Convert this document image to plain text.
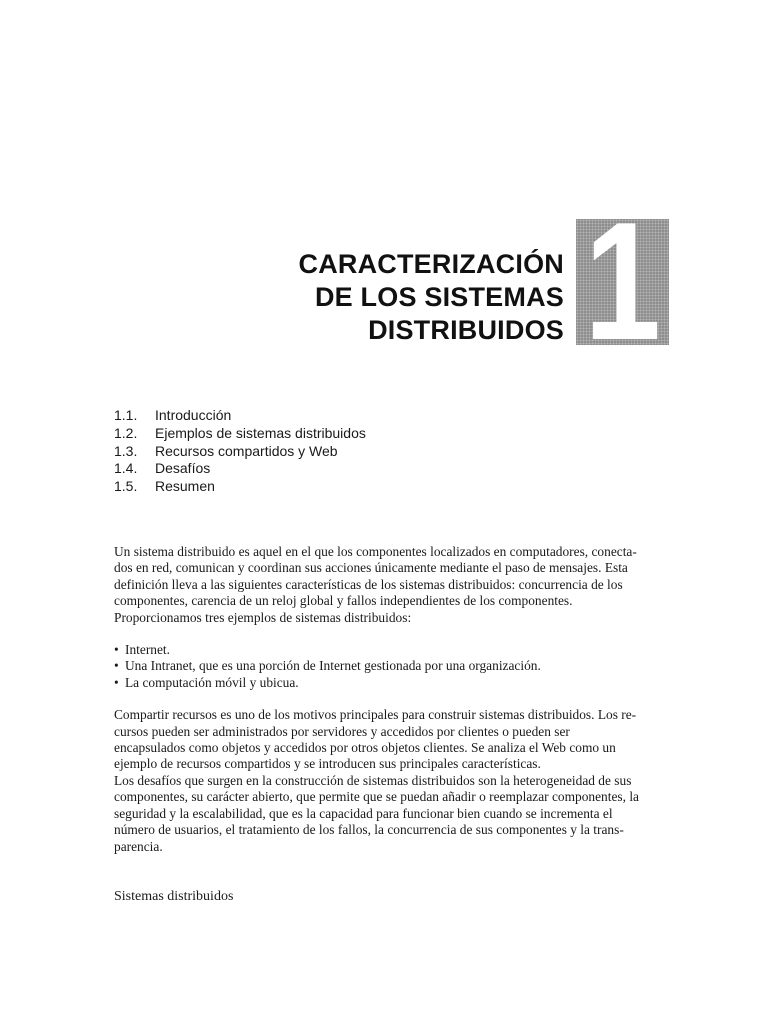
CARACTERIZACIÓN
DE LOS SISTEMAS
DISTRIBUIDOS 1
1.1.	Introducción
1.2.	Ejemplos de sistemas distribuidos
1.3.	Recursos compartidos y Web
1.4.	Desafíos
1.5.	Resumen

Un sistema distribuido es aquel en el que los componentes localizados en computadores, conecta-

dos en red, comunican y coordinan sus acciones únicamente mediante el paso de mensajes. Esta

definición lleva a las siguientes características de los sistemas distribuidos: concurrencia de los

componentes, carencia de un reloj global y fallos independientes de los componentes.

Proporcionamos tres ejemplos de sistemas distribuidos:

• Internet.
• Una Intranet, que es una porción de Internet gestionada por una organización.
• La computación móvil y ubicua.

Compartir recursos es uno de los motivos principales para construir sistemas distribuidos. Los re-

cursos pueden ser administrados por servidores y accedidos por clientes o pueden ser

encapsulados como objetos y accedidos por otros objetos clientes. Se analiza el Web como un

ejemplo de recursos compartidos y se introducen sus principales características.

Los desafíos que surgen en la construcción de sistemas distribuidos son la heterogeneidad de sus

componentes, su carácter abierto, que permite que se puedan añadir o reemplazar componentes, la

seguridad y la escalabilidad, que es la capacidad para funcionar bien cuando se incrementa el

número de usuarios, el tratamiento de los fallos, la concurrencia de sus componentes y la trans-

parencia.

Sistemas distribuidos
